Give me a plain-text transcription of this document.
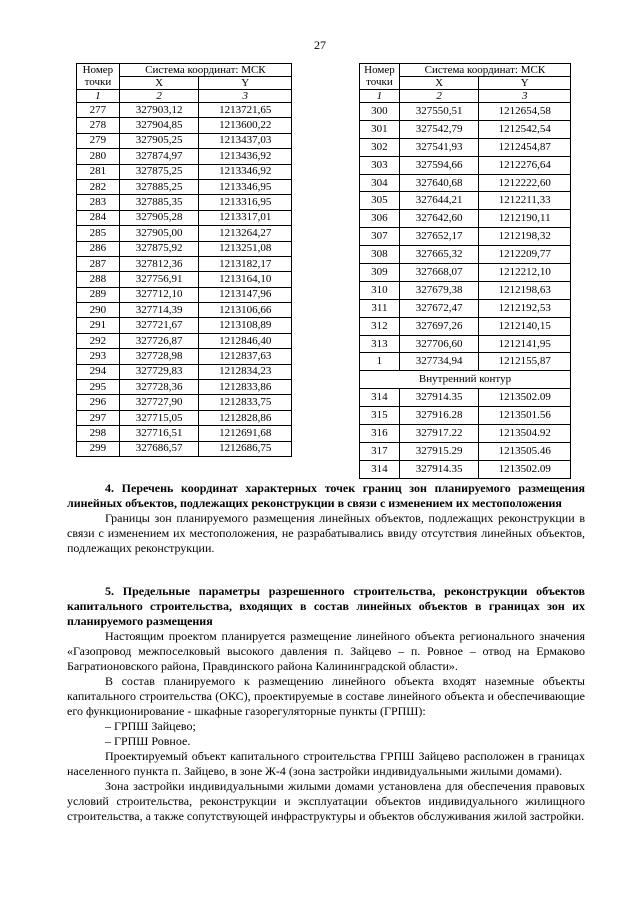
27
Номер	Система координат: МСК	
точки	X	Y
1	2	3
277	327903,12	1213721,65
278	327904,85	1213600,22
279	327905,25	1213437,03
280	327874,97	1213436,92
281	327875,25	1213346,92
282	327885,25	1213346,95
283	327885,35	1213316,95
284	327905,28	1213317,01
285	327905,00	1213264,27
286	327875,92	1213251,08
287	327812,36	1213182,17
288	327756,91	1213164,10
289	327712,10	1213147,96
290	327714,39	1213106,66
291	327721,67	1213108,89
292	327726,87	1212846,40
293	327728,98	1212837,63
294	327729,83	1212834,23
295	327728,36	1212833,86
296	327727,90	1212833,75
297	327715,05	1212828,86
298	327716,51	1212691,68
299	327686,57	1212686,75
Номер	Система координат: МСК	
точки	X	Y
1	2	3
300	327550,51	1212654,58
301	327542,79	1212542,54
302	327541,93	1212454,87
303	327594,66	1212276,64
304	327640,68	1212222,60
305	327644,21	1212211,33
306	327642,60	1212190,11
307	327652,17	1212198,32
308	327665,32	1212209,77
309	327668,07	1212212,10
310	327679,38	1212198,63
311	327672,47	1212192,53
312	327697,26	1212140,15
313	327706,60	1212141,95
1	327734,94	1212155,87
Внутренний контур		
314	327914.35	1213502.09
315	327916.28	1213501.56
316	327917.22	1213504.92
317	327915.29	1213505.46
314	327914.35	1213502.09

4. Перечень координат характерных точек границ зон планируемого размещения линейных объектов, подлежащих реконструкции в связи с изменением их местоположения

Границы зон планируемого размещения линейных объектов, подлежащих реконструкции в связи с изменением их местоположения, не разрабатывались ввиду отсутствия линейных объектов, подлежащих реконструкции.

5. Предельные параметры разрешенного строительства, реконструкции объектов капитального строительства, входящих в состав линейных объектов в границах зон их планируемого размещения

Настоящим проектом планируется размещение линейного объекта регионального значения «Газопровод межпоселковый высокого давления п. Зайцево – п. Ровное – отвод на Ермаково Багратионовского района, Правдинского района Калининградской области».

В состав планируемого к размещению линейного объекта входят наземные объекты капитального строительства (ОКС), проектируемые в составе линейного объекта и обеспечивающие его функционирование - шкафные газорегуляторные пункты (ГРПШ):

– ГРПШ Зайцево;

– ГРПШ Ровное.

Проектируемый объект капитального строительства ГРПШ Зайцево расположен в границах населенного пункта п. Зайцево, в зоне Ж-4 (зона застройки индивидуальными жилыми домами).

Зона застройки индивидуальными жилыми домами установлена для обеспечения правовых условий строительства, реконструкции и эксплуатации объектов индивидуального жилищного строительства, а также сопутствующей инфраструктуры и объектов обслуживания жилой застройки.
